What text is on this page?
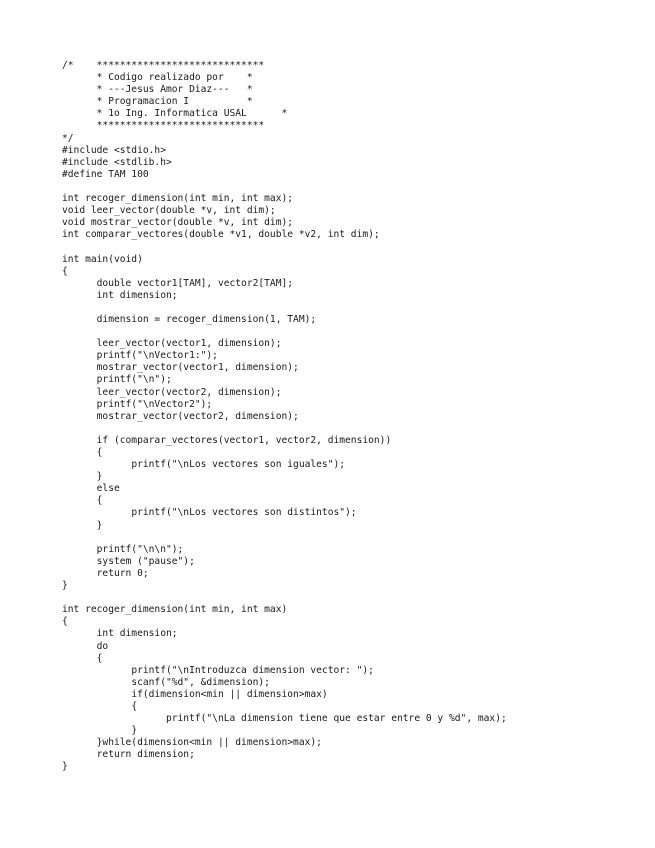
/*	*****************************
	* Codigo realizado por	*
	* ---Jesus Amor Diaz---	*
	* Programacion I		*
	* 1o Ing. Informatica USAL	*
	*****************************
*/
#include <stdio.h>
#include <stdlib.h>
#define TAM 100
int recoger_dimension(int min, int max);
void leer_vector(double *v, int dim);
void mostrar_vector(double *v, int dim);
int comparar_vectores(double *v1, double *v2, int dim);
int main(void)
{
	double vector1[TAM], vector2[TAM];
	int dimension;
	dimension = recoger_dimension(1, TAM);
	leer_vector(vector1, dimension);
	printf("\nVector1:");
	mostrar_vector(vector1, dimension);
	printf("\n");
	leer_vector(vector2, dimension);
	printf("\nVector2");
	mostrar_vector(vector2, dimension);
	if (comparar_vectores(vector1, vector2, dimension))
	{
		printf("\nLos vectores son iguales");
	}
	else
	{
		printf("\nLos vectores son distintos");
	}
	printf("\n\n");
	system ("pause");
	return 0;
}
int recoger_dimension(int min, int max)
{
	int dimension;
	do
	{
		printf("\nIntroduzca dimension vector: ");
		scanf("%d", &dimension);
		if(dimension<min || dimension>max)
		{
			printf("\nLa dimension tiene que estar entre 0 y %d", max);
		}
	}while(dimension<min || dimension>max);
	return dimension;
}
